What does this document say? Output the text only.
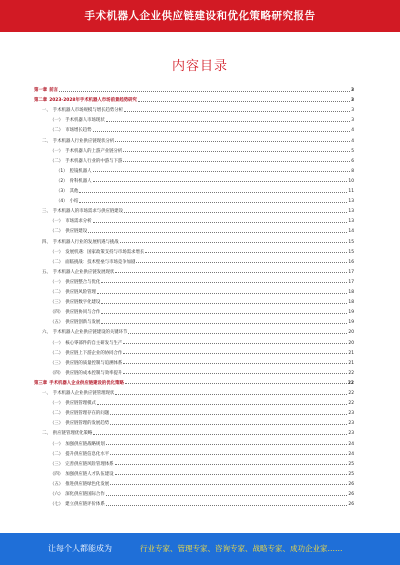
手术机器人企业供应链建设和优化策略研究报告
内容目录
第一章 前言	3
第二章 2023-2028年手术机器人市场前景趋势研究	3
一、 手术机器人市场规模与增长趋势分析	3
（一） 手术机器人市场现状	3
（二） 市场增长趋势	4
二、 手术机器人行业供应链现状分析	4
（一） 手术机器人的上游产业链分析	5
（二） 手术机器人行业的中游与下游	6
（1） 腔镜机器人	8
（2） 骨科机器人	10
（3） 其他	11
（4） 小结	13
三、 手术机器人的市场需求与供应链建设	13
（一） 市场需求分析	13
（二） 供应链建设	14
四、 手术机器人行业的发展机遇与挑战	15
（一） 发展机遇：国家政策支持与市场需求增长	15
（二） 面临挑战：技术壁垒与市场竞争加剧	16
五、 手术机器人企业供应链发展现状	17
（一） 供应链整合与优化	17
（二） 供应链风险管理	18
（三） 供应链数字化建设	18
（四） 供应链协同与合作	19
（五） 供应链创新与发展	19
六、 手术机器人企业供应链建设的关键环节	20
（一） 核心零部件的自主研发与生产	20
（二） 供应链上下游企业的协同合作	21
（三） 供应链的质量控制与追溯体系	21
（四） 供应链的成本控制与效率提升	22
第三章 手术机器人企业供应链建设的优化策略	22
一、 手术机器人企业供应链管理现状	22
（一） 供应链管理模式	22
（二） 供应链管理存在的问题	23
（三） 供应链管理的发展趋势	23
二、 供应链管理优化策略	23
（一） 加强供应链战略规划	24
（二） 提升供应链信息化水平	24
（三） 完善供应链风险管理体系	25
（四） 加强供应链人才队伍建设	25
（五） 推进供应链绿色化发展	26
（六） 深化供应链国际合作	26
（七） 建立供应链评价体系	26
让每个人都能成为	行业专家、管理专家、咨询专家、战略专家、成功企业家……
